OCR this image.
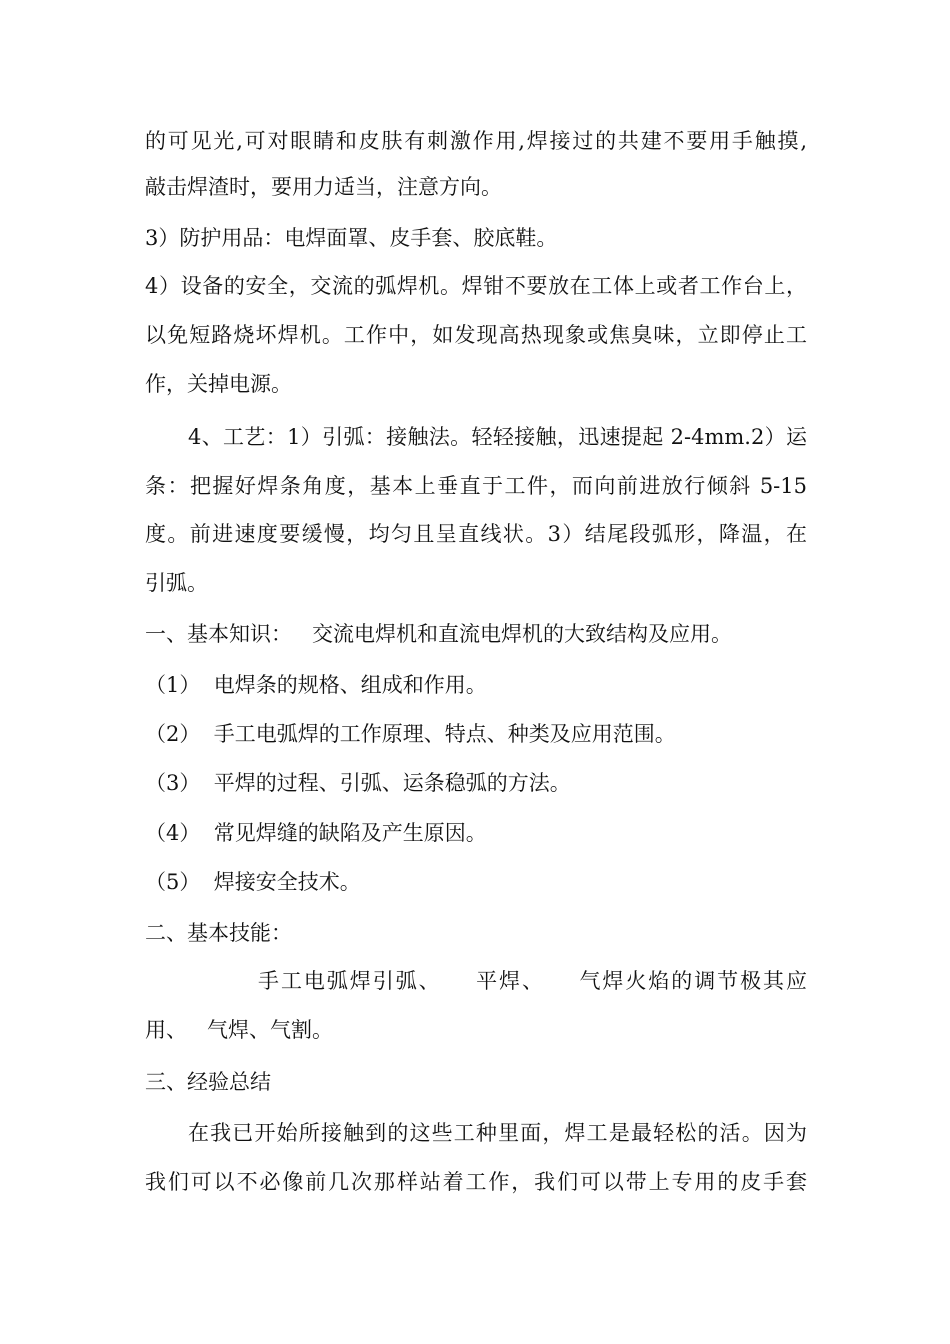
的可见光,可对眼睛和皮肤有刺激作用,焊接过的共建不要用手触摸,
敲击焊渣时，要用力适当，注意方向。
3）防护用品：电焊面罩、皮手套、胶底鞋。
4）设备的安全，交流的弧焊机。焊钳不要放在工体上或者工作台上，
以免短路烧坏焊机。工作中，如发现高热现象或焦臭味，立即停止工
作，关掉电源。
4、工艺：1）引弧：接触法。轻轻接触，迅速提起 2-4mm.2）运
条：把握好焊条角度，基本上垂直于工件，而向前进放行倾斜 5-15
度。前进速度要缓慢，均匀且呈直线状。3）结尾段弧形，降温，在
引弧。
一、基本知识：   交流电焊机和直流电焊机的大致结构及应用。
（1）  电焊条的规格、组成和作用。
（2）  手工电弧焊的工作原理、特点、种类及应用范围。
（3）  平焊的过程、引弧、运条稳弧的方法。
（4）  常见焊缝的缺陷及产生原因。
（5）  焊接安全技术。
二、基本技能：
手工电弧焊引弧、    平焊、    气焊火焰的调节极其应
用、   气焊、气割。
三、经验总结
在我已开始所接触到的这些工种里面，焊工是最轻松的活。因为
我们可以不必像前几次那样站着工作，我们可以带上专用的皮手套
